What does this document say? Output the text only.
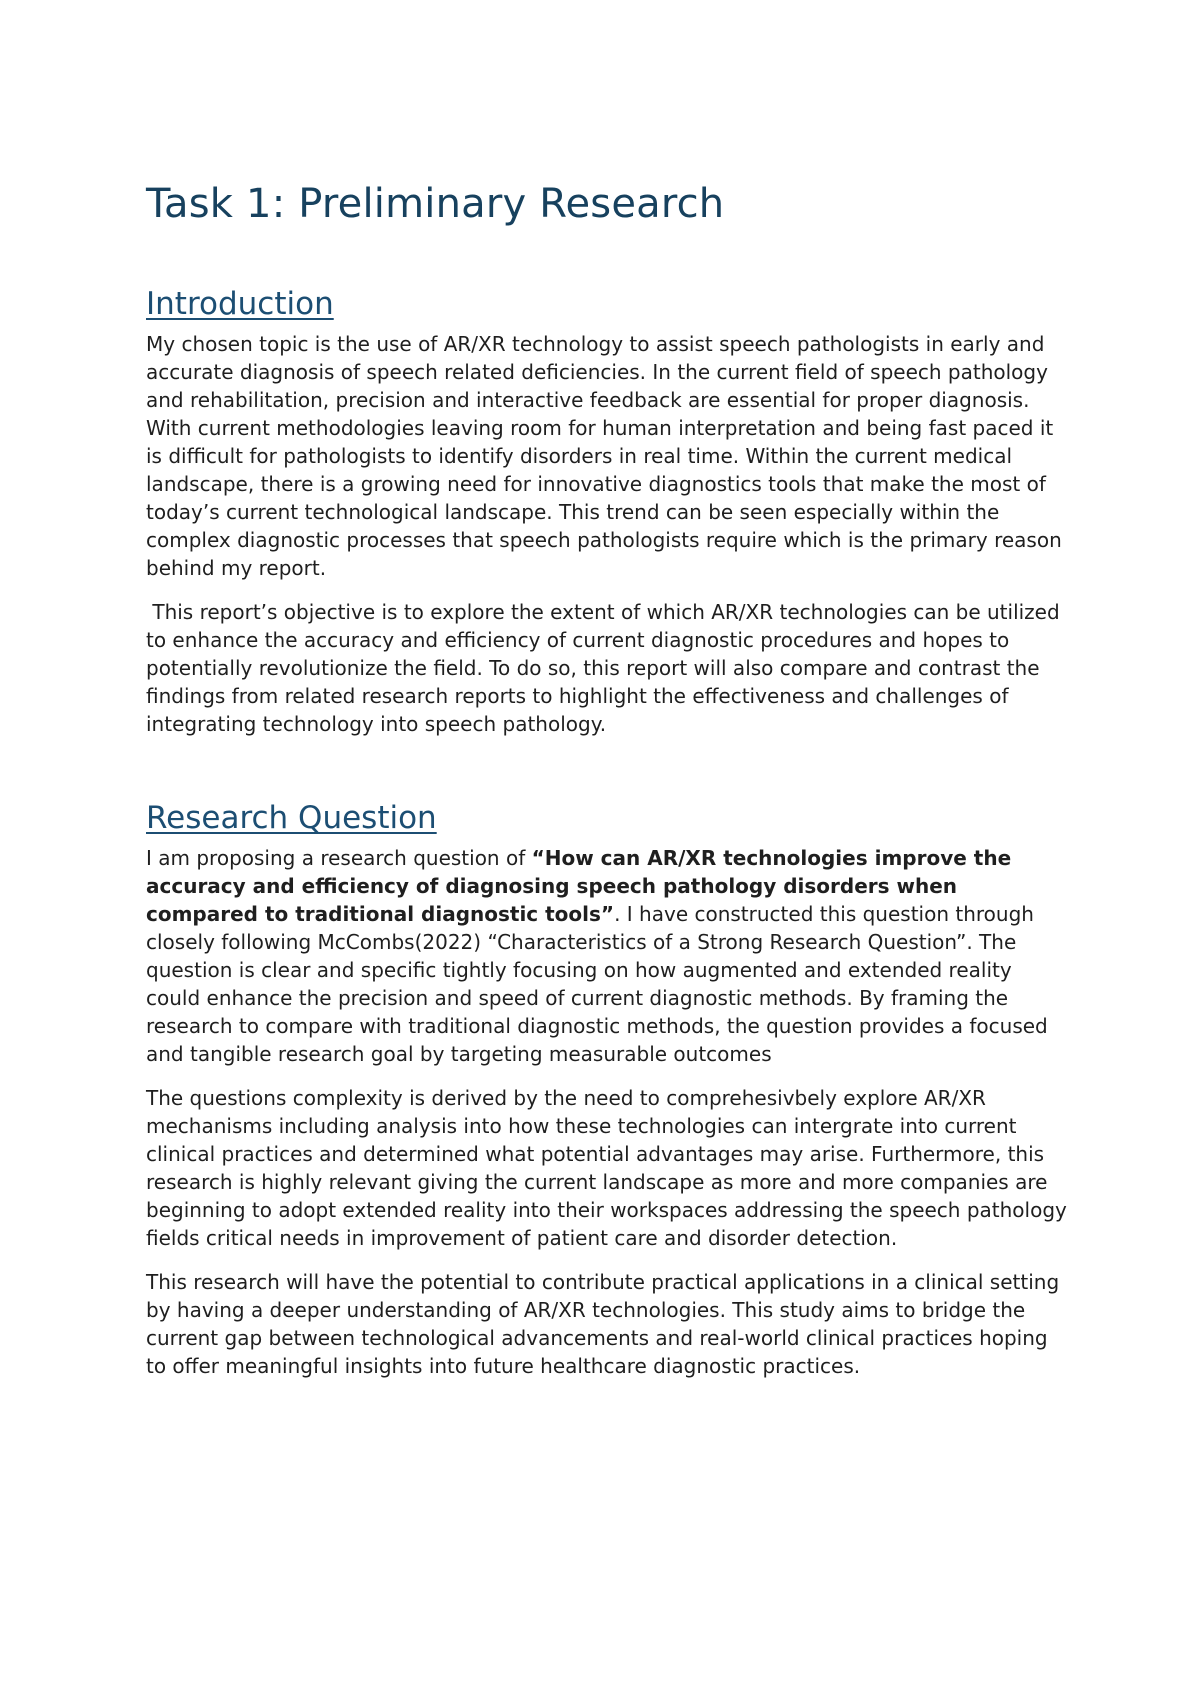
Task 1: Preliminary Research
Introduction

My chosen topic is the use of AR/XR technology to assist speech pathologists in early and accurate diagnosis of speech related deficiencies. In the current field of speech pathology and rehabilitation, precision and interactive feedback are essential for proper diagnosis. With current methodologies leaving room for human interpretation and being fast paced it is difficult for pathologists to identify disorders in real time. Within the current medical landscape, there is a growing need for innovative diagnostics tools that make the most of today’s current technological landscape. This trend can be seen especially within the complex diagnostic processes that speech pathologists require which is the primary reason behind my report.

This report’s objective is to explore the extent of which AR/XR technologies can be utilized to enhance the accuracy and efficiency of current diagnostic procedures and hopes to potentially revolutionize the field. To do so, this report will also compare and contrast the findings from related research reports to highlight the effectiveness and challenges of integrating technology into speech pathology.

Research Question

I am proposing a research question of “How can AR/XR technologies improve the accuracy and efficiency of diagnosing speech pathology disorders when compared to traditional diagnostic tools”. I have constructed this question through closely following McCombs(2022) “Characteristics of a Strong Research Question”. The question is clear and specific tightly focusing on how augmented and extended reality could enhance the precision and speed of current diagnostic methods. By framing the research to compare with traditional diagnostic methods, the question provides a focused and tangible research goal by targeting measurable outcomes

The questions complexity is derived by the need to comprehesivbely explore AR/XR mechanisms including analysis into how these technologies can intergrate into current clinical practices and determined what potential advantages may arise. Furthermore, this research is highly relevant giving the current landscape as more and more companies are beginning to adopt extended reality into their workspaces addressing the speech pathology fields critical needs in improvement of patient care and disorder detection.

This research will have the potential to contribute practical applications in a clinical setting by having a deeper understanding of AR/XR technologies. This study aims to bridge the current gap between technological advancements and real-world clinical practices hoping to offer meaningful insights into future healthcare diagnostic practices.
